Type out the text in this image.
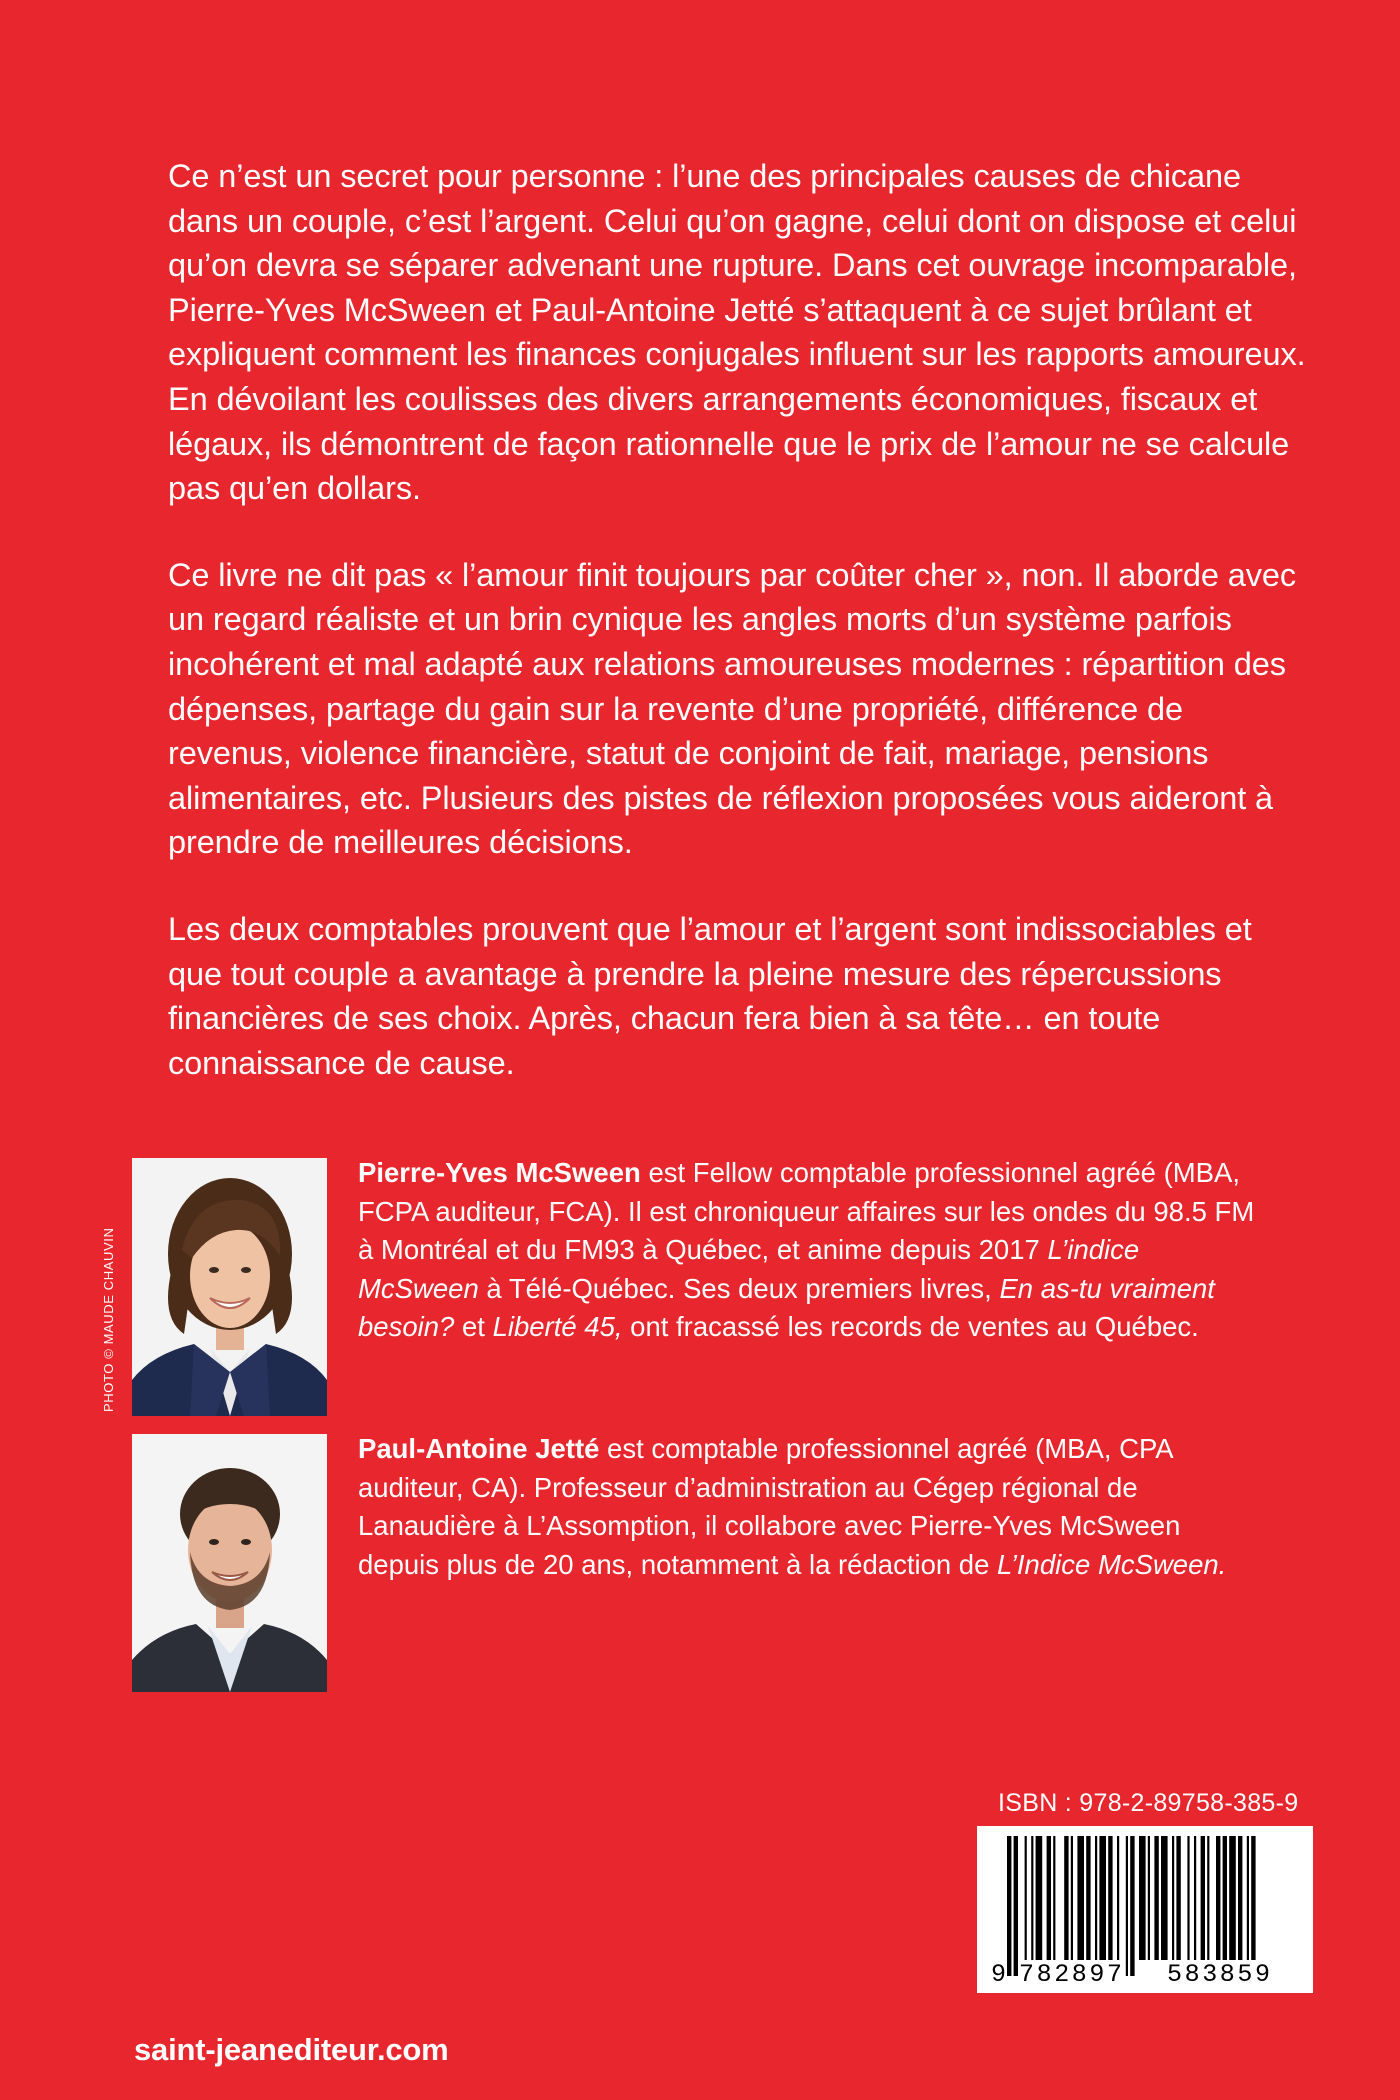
Ce n’est un secret pour personne : l’une des principales causes de chicane dans un couple, c’est l’argent. Celui qu’on gagne, celui dont on dispose et celui qu’on devra se séparer advenant une rupture. Dans cet ouvrage incomparable, Pierre-Yves McSween et Paul-Antoine Jetté s’attaquent à ce sujet brûlant et expliquent comment les finances conjugales influent sur les rapports amoureux. En dévoilant les coulisses des divers arrangements économiques, fiscaux et légaux, ils démontrent de façon rationnelle que le prix de l’amour ne se calcule pas qu’en dollars.

Ce livre ne dit pas « l’amour finit toujours par coûter cher », non. Il aborde avec un regard réaliste et un brin cynique les angles morts d’un système parfois incohérent et mal adapté aux relations amoureuses modernes : répartition des dépenses, partage du gain sur la revente d’une propriété, différence de revenus, violence financière, statut de conjoint de fait, mariage, pensions alimentaires, etc. Plusieurs des pistes de réflexion proposées vous aideront à prendre de meilleures décisions.

Les deux comptables prouvent que l’amour et l’argent sont indissociables et que tout couple a avantage à prendre la pleine mesure des répercussions financières de ses choix. Après, chacun fera bien à sa tête… en toute connaissance de cause.

PHOTO © MAUDE CHAUVIN
Pierre-Yves McSween est Fellow comptable professionnel agréé (MBA, FCPA auditeur, FCA). Il est chroniqueur affaires sur les ondes du 98.5 FM à Montréal et du FM93 à Québec, et anime depuis 2017 L’indice McSween à Télé-Québec. Ses deux premiers livres, En as-tu vraiment besoin? et Liberté 45, ont fracassé les records de ventes au Québec.
Paul-Antoine Jetté est comptable professionnel agréé (MBA, CPA auditeur, CA). Professeur d’administration au Cégep régional de Lanaudière à L’Assomption, il collabore avec Pierre-Yves McSween depuis plus de 20 ans, notamment à la rédaction de L’Indice McSween.
ISBN : 978-2-89758-385-9
9 782897 583859
saint-jeanediteur.com
